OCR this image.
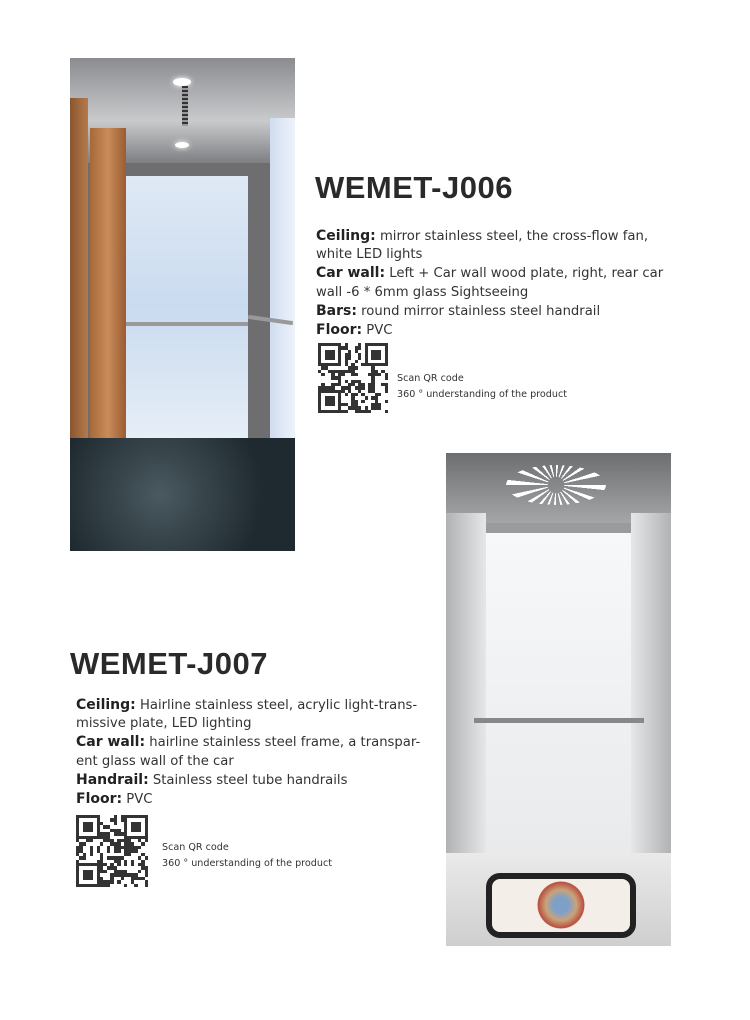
WEMET-J006
Ceiling: mirror stainless steel, the cross-flow fan, white LED lights
Car wall: Left + Car wall wood plate, right, rear car wall -6 * 6mm glass Sightseeing
Bars: round mirror stainless steel handrail
Floor: PVC
Scan QR code
360 ° understanding of the product
WEMET-J007
Ceiling: Hairline stainless steel, acrylic light-trans-missive plate, LED lighting
Car wall: hairline stainless steel frame, a transpar-ent glass wall of the car
Handrail: Stainless steel tube handrails
Floor: PVC
Scan QR code
360 ° understanding of the product
